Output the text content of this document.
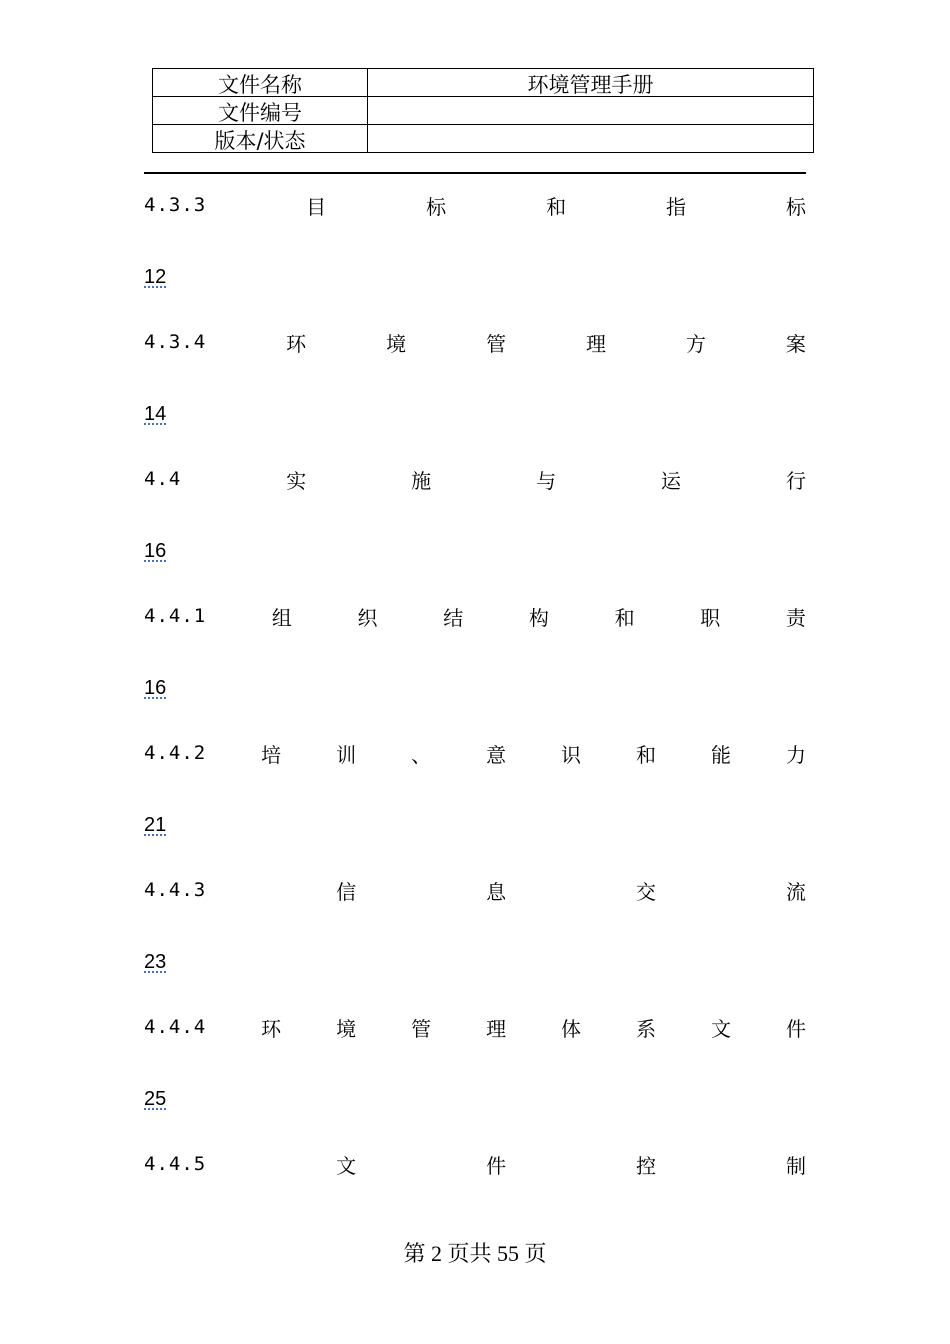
文件名称	环境管理手册
文件编号	
版本/状态	
4.3.3	目	标	和	指	标
12
4.3.4	环	境	管	理	方	案
14
4.4	实	施	与	运	行
16
4.4.1	组	织	结	构	和	职	责
16
4.4.2	培	训	、	意	识	和	能	力
21
4.4.3	信	息	交	流
23
4.4.4	环	境	管	理	体	系	文	件
25
4.4.5	文	件	控	制
第 2 页共 55 页
